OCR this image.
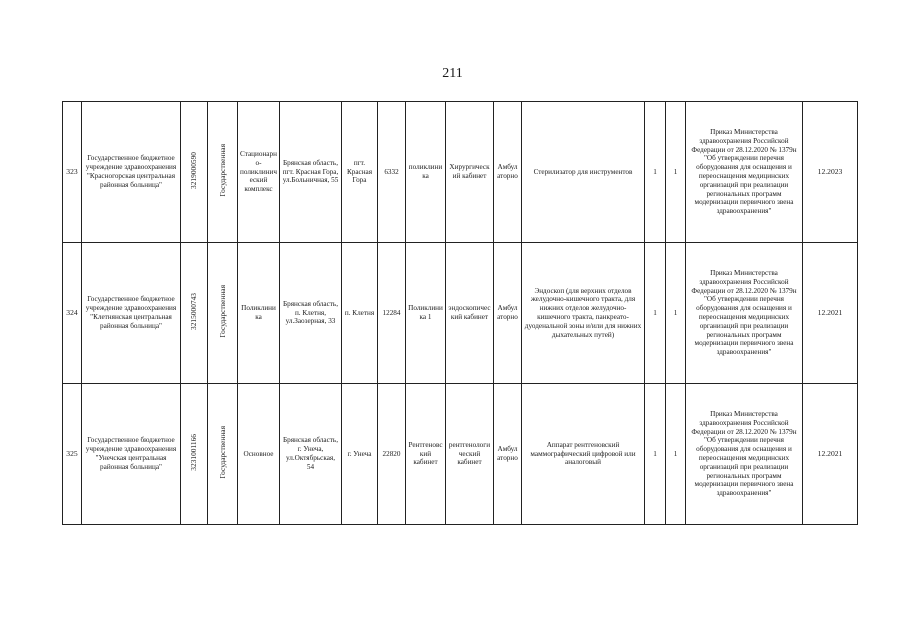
211
323	Государственное бюджетное учреждение здравоохранения "Красногорская центральная районная больница"	3219000590	Государственная	Стационарно-поликлинический комплекс	Брянская область, пгт. Красная Гора, ул.Больничная, 55	пгт. Красная Гора	6332	поликлиника	Хирургический кабинет	Амбулаторно	Стерилизатор для инструментов	1	1	Приказ Министерства здравоохранения Российской Федерации от 28.12.2020 № 1379н "Об утверждении перечня оборудования для оснащения и переоснащения медицинских организаций при реализации региональных программ модернизации первичного звена здравоохранения"	12.2023
324	Государственное бюджетное учреждение здравоохранения "Клетнянская центральная районная больница"	3215000743	Государственная	Поликлиника	Брянская область, п. Клетня, ул.Заозерная, 33	п. Клетня	12284	Поликлиника 1	эндоскопический кабинет	Амбулаторно	Эндоскоп (для верхних отделов желудочно-кишечного тракта, для нижних отделов желудочно-кишечного тракта, панкреато-дуоденальной зоны и/или для нижних дыхательных путей)	1	1	Приказ Министерства здравоохранения Российской Федерации от 28.12.2020 № 1379н "Об утверждении перечня оборудования для оснащения и переоснащения медицинских организаций при реализации региональных программ модернизации первичного звена здравоохранения"	12.2021
325	Государственное бюджетное учреждение здравоохранения "Унечская центральная районная больница"	3231001166	Государственная	Основное	Брянская область, г. Унеча, ул.Октябрьская, 54	г. Унеча	22820	Рентгеновский кабинет	рентгенологический кабинет	Амбулаторно	Аппарат рентгеновский маммографический цифровой или аналоговый	1	1	Приказ Министерства здравоохранения Российской Федерации от 28.12.2020 № 1379н "Об утверждении перечня оборудования для оснащения и переоснащения медицинских организаций при реализации региональных программ модернизации первичного звена здравоохранения"	12.2021
